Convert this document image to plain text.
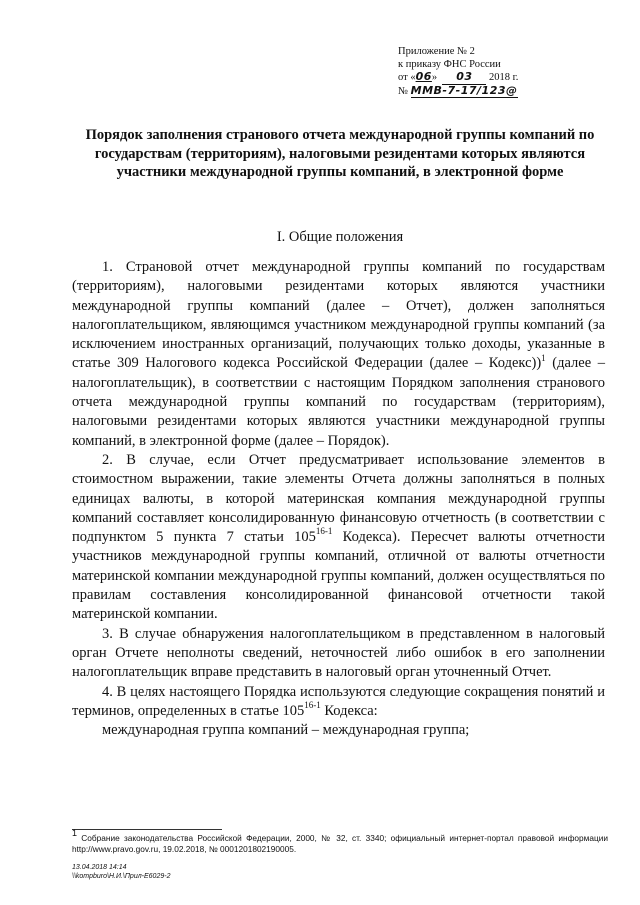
Приложение № 2
к приказу ФНС России
от «06» 03 2018 г.
№ ММВ-7-17/123@
Порядок заполнения странового отчета международной группы компаний по государствам (территориям), налоговыми резидентами которых являются участники международной группы компаний, в электронной форме
I. Общие положения

1. Страновой отчет международной группы компаний по государствам (территориям), налоговыми резидентами которых являются участники международной группы компаний (далее – Отчет), должен заполняться налогоплательщиком, являющимся участником международной группы компаний (за исключением иностранных организаций, получающих только доходы, указанные в статье 309 Налогового кодекса Российской Федерации (далее – Кодекс))$^1$ (далее – налогоплательщик), в соответствии с настоящим Порядком заполнения странового отчета международной группы компаний по государствам (территориям), налоговыми резидентами которых являются участники международной группы компаний, в электронной форме (далее – Порядок).

2. В случае, если Отчет предусматривает использование элементов в стоимостном выражении, такие элементы Отчета должны заполняться в полных единицах валюты, в которой материнская компания международной группы компаний составляет консолидированную финансовую отчетность (в соответствии с подпунктом 5 пункта 7 статьи 105$^{16-1}$ Кодекса). Пересчет валюты отчетности участников международной группы компаний, отличной от валюты отчетности материнской компании международной группы компаний, должен осуществляться по правилам составления консолидированной финансовой отчетности такой материнской компании.

3. В случае обнаружения налогоплательщиком в представленном в налоговый орган Отчете неполноты сведений, неточностей либо ошибок в его заполнении налогоплательщик вправе представить в налоговый орган уточненный Отчет.

4. В целях настоящего Порядка используются следующие сокращения понятий и терминов, определенных в статье 105$^{16-1}$ Кодекса:

международная группа компаний – международная группа;

$^1$ Собрание законодательства Российской Федерации, 2000, № 32, ст. 3340; официальный интернет-портал правовой информации http://www.pravo.gov.ru, 19.02.2018, № 0001201802190005.
13.04.2018 14:14
\\kompburo\Н.И.\Прил-Е6029-2
